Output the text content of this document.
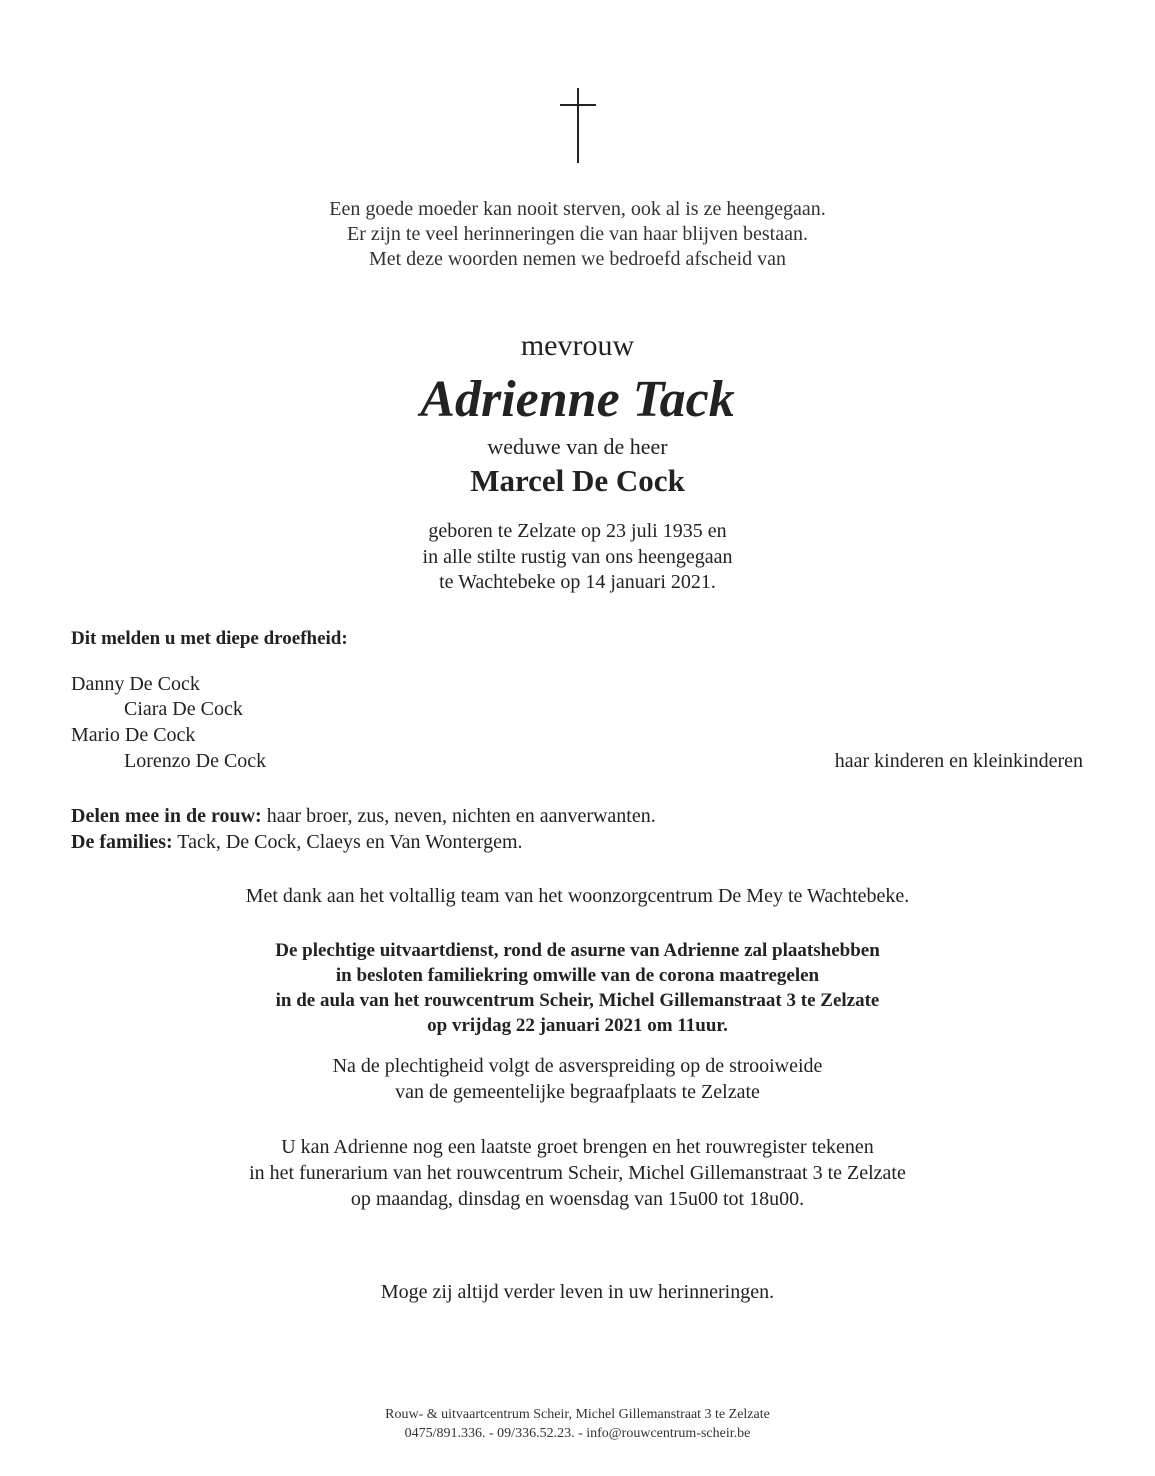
Een goede moeder kan nooit sterven, ook al is ze heengegaan.
Er zijn te veel herinneringen die van haar blijven bestaan.
Met deze woorden nemen we bedroefd afscheid van
mevrouw
Adrienne Tack
weduwe van de heer
Marcel De Cock
geboren te Zelzate op 23 juli 1935 en
in alle stilte rustig van ons heengegaan
te Wachtebeke op 14 januari 2021.
Dit melden u met diepe droefheid:
Danny De Cock
Ciara De Cock
Mario De Cock
Lorenzo De Cock	haar kinderen en kleinkinderen
Delen mee in de rouw: haar broer, zus, neven, nichten en aanverwanten.
De families: Tack, De Cock, Claeys en Van Wontergem.
Met dank aan het voltallig team van het woonzorgcentrum De Mey te Wachtebeke.
De plechtige uitvaartdienst, rond de asurne van Adrienne zal plaatshebben
in besloten familiekring omwille van de corona maatregelen
in de aula van het rouwcentrum Scheir, Michel Gillemanstraat 3 te Zelzate
op vrijdag 22 januari 2021 om 11uur.
Na de plechtigheid volgt de asverspreiding op de strooiweide
van de gemeentelijke begraafplaats te Zelzate
U kan Adrienne nog een laatste groet brengen en het rouwregister tekenen
in het funerarium van het rouwcentrum Scheir, Michel Gillemanstraat 3 te Zelzate
op maandag, dinsdag en woensdag van 15u00 tot 18u00.
Moge zij altijd verder leven in uw herinneringen.
Rouw- & uitvaartcentrum Scheir, Michel Gillemanstraat 3 te Zelzate
0475/891.336. - 09/336.52.23. - info@rouwcentrum-scheir.be
